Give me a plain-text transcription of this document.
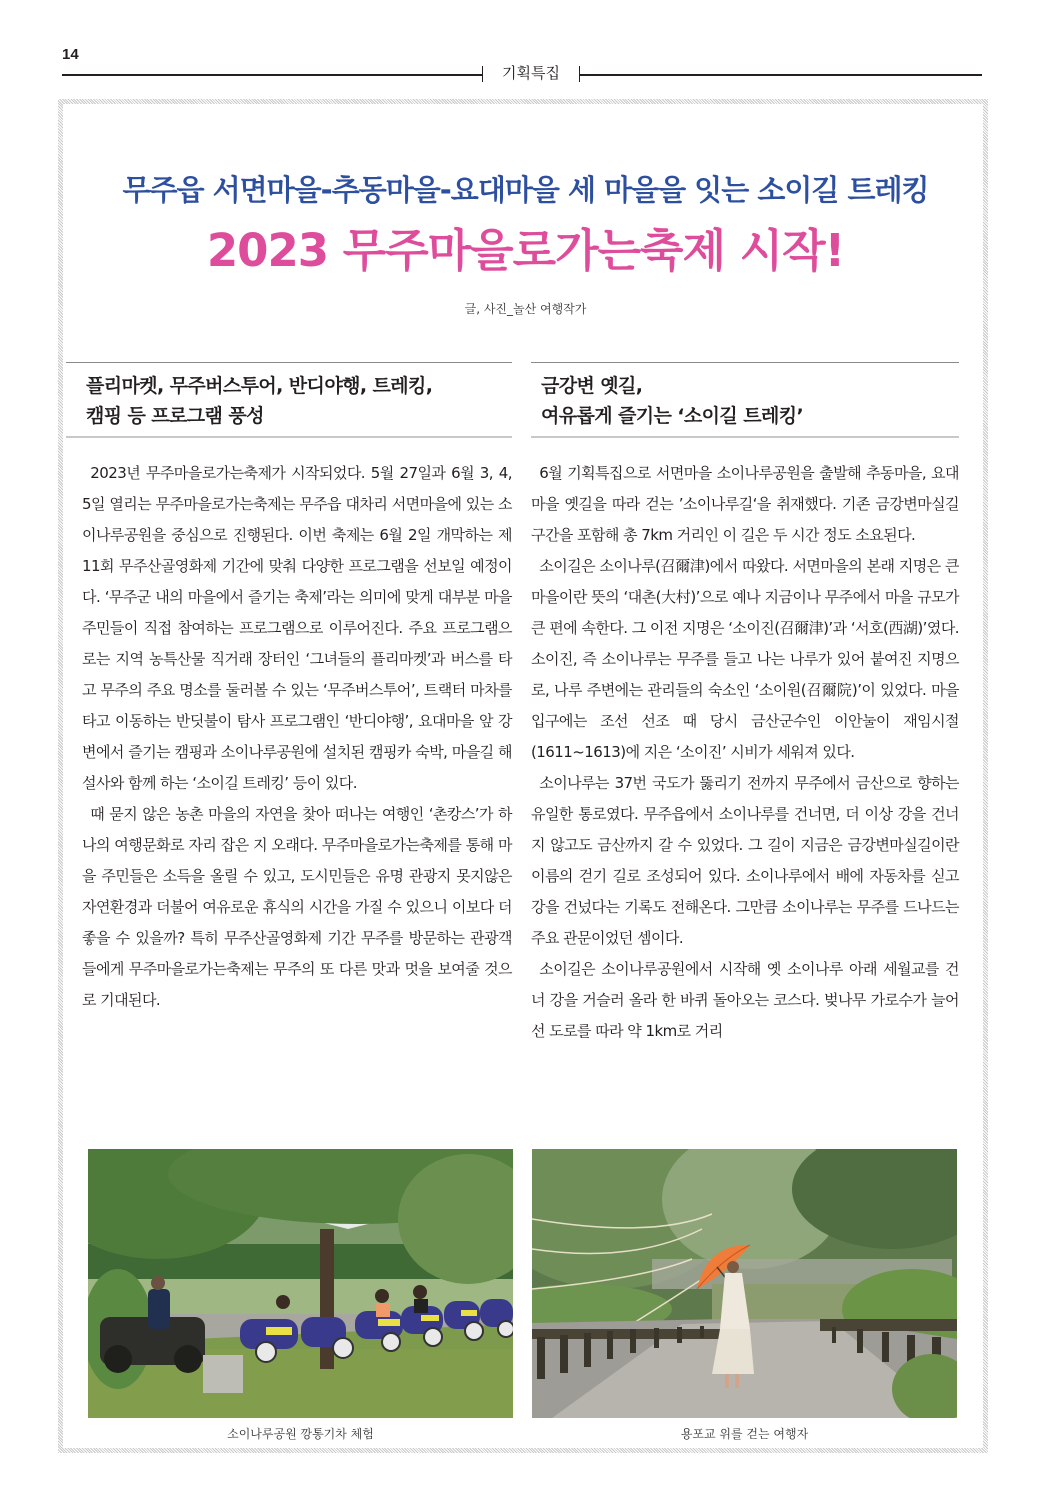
14
기획특집
무주읍 서면마을-추동마을-요대마을 세 마을을 잇는 소이길 트레킹
2023 무주마을로가는축제 시작!
글, 사진_놀산 여행작가
플리마켓, 무주버스투어, 반디야행, 트레킹,
캠핑 등 프로그램 풍성

2023년 무주마을로가는축제가 시작되었다. 5월 27일과 6월 3, 4, 5일 열리는 무주마을로가는축제는 무주읍 대차리 서면마을에 있는 소이나루공원을 중심으로 진행된다. 이번 축제는 6월 2일 개막하는 제11회 무주산골영화제 기간에 맞춰 다양한 프로그램을 선보일 예정이다. ‘무주군 내의 마을에서 즐기는 축제’라는 의미에 맞게 대부분 마을 주민들이 직접 참여하는 프로그램으로 이루어진다. 주요 프로그램으로는 지역 농특산물 직거래 장터인 ‘그녀들의 플리마켓’과 버스를 타고 무주의 주요 명소를 둘러볼 수 있는 ‘무주버스투어’, 트랙터 마차를 타고 이동하는 반딧불이 탐사 프로그램인 ‘반디야행’, 요대마을 앞 강변에서 즐기는 캠핑과 소이나루공원에 설치된 캠핑카 숙박, 마을길 해설사와 함께 하는 ‘소이길 트레킹’ 등이 있다.

때 묻지 않은 농촌 마을의 자연을 찾아 떠나는 여행인 ‘촌캉스’가 하나의 여행문화로 자리 잡은 지 오래다. 무주마을로가는축제를 통해 마을 주민들은 소득을 올릴 수 있고, 도시민들은 유명 관광지 못지않은 자연환경과 더불어 여유로운 휴식의 시간을 가질 수 있으니 이보다 더 좋을 수 있을까? 특히 무주산골영화제 기간 무주를 방문하는 관광객들에게 무주마을로가는축제는 무주의 또 다른 맛과 멋을 보여줄 것으로 기대된다.

금강변 옛길,
여유롭게 즐기는 ‘소이길 트레킹’

6월 기획특집으로 서면마을 소이나루공원을 출발해 추동마을, 요대마을 옛길을 따라 걷는 ’소이나루길‘을 취재했다. 기존 금강변마실길 구간을 포함해 총 7km 거리인 이 길은 두 시간 정도 소요된다.

소이길은 소이나루(召爾津)에서 따왔다. 서면마을의 본래 지명은 큰 마을이란 뜻의 ‘대촌(大村)’으로 예나 지금이나 무주에서 마을 규모가 큰 편에 속한다. 그 이전 지명은 ‘소이진(召爾津)’과 ‘서호(西湖)’였다. 소이진, 즉 소이나루는 무주를 들고 나는 나루가 있어 붙여진 지명으로, 나루 주변에는 관리들의 숙소인 ‘소이원(召爾院)’이 있었다. 마을 입구에는 조선 선조 때 당시 금산군수인 이안눌이 재임시절(1611~1613)에 지은 ‘소이진’ 시비가 세워져 있다.

소이나루는 37번 국도가 뚫리기 전까지 무주에서 금산으로 향하는 유일한 통로였다. 무주읍에서 소이나루를 건너면, 더 이상 강을 건너지 않고도 금산까지 갈 수 있었다. 그 길이 지금은 금강변마실길이란 이름의 걷기 길로 조성되어 있다. 소이나루에서 배에 자동차를 싣고 강을 건넜다는 기록도 전해온다. 그만큼 소이나루는 무주를 드나드는 주요 관문이었던 셈이다.

소이길은 소이나루공원에서 시작해 옛 소이나루 아래 세월교를 건너 강을 거슬러 올라 한 바퀴 돌아오는 코스다. 벚나무 가로수가 늘어선 도로를 따라 약 1km로 거리

소이나루공원 깡통기차 체험	용포교 위를 걷는 여행자
